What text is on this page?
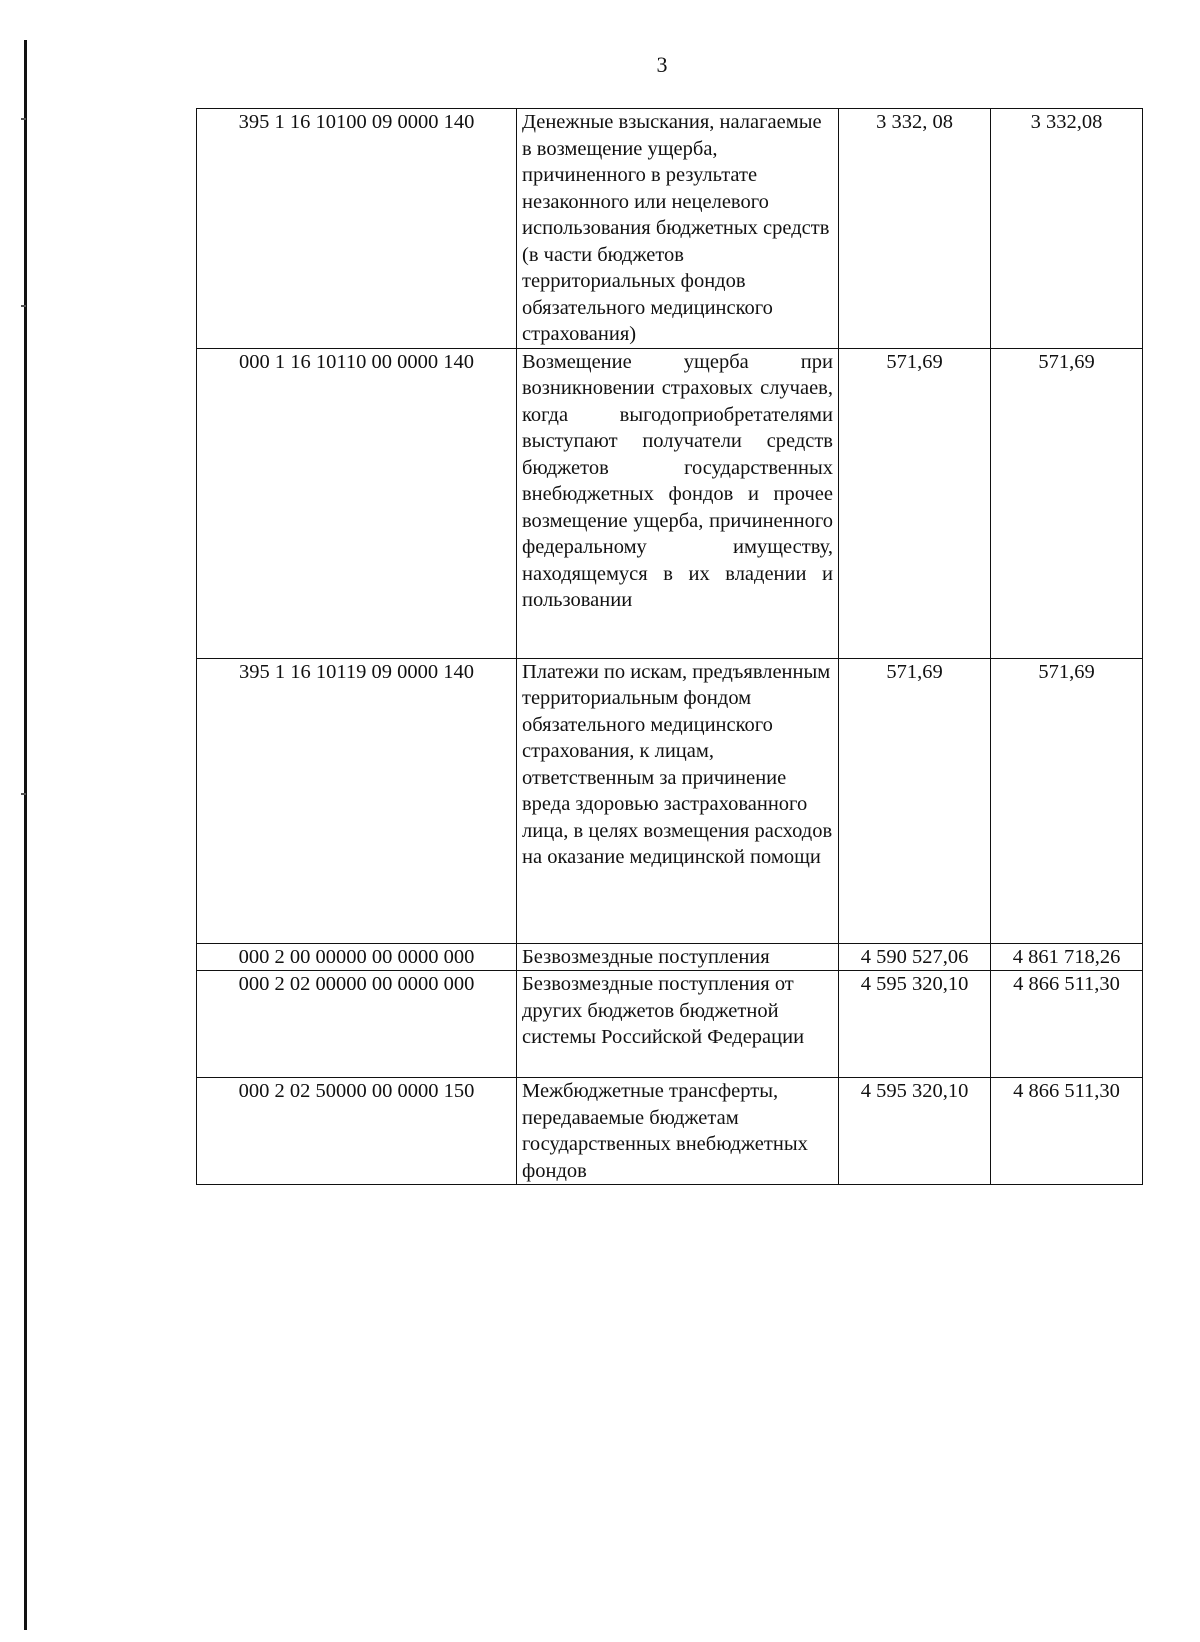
3
395 1 16 10100 09 0000 140	Денежные взыскания, налагаемые в возмещение ущерба, причиненного в результате незаконного или нецелевого использования бюджетных средств (в части бюджетов территориальных фондов обязательного медицинского страхования)	3 332, 08	3 332,08
000 1 16 10110 00 0000 140	Возмещение ущерба при возникновении страховых случаев, когда выгодоприобретателями выступают получатели средств бюджетов государственных внебюджетных фондов и прочее возмещение ущерба, причиненного федеральному имуществу, находящемуся в их владении и пользовании	571,69	571,69
395 1 16 10119 09 0000 140	Платежи по искам, предъявленным территориальным фондом обязательного медицинского страхования, к лицам, ответственным за причинение вреда здоровью застрахованного лица, в целях возмещения расходов на оказание медицинской помощи	571,69	571,69
000 2 00 00000 00 0000 000	Безвозмездные поступления	4 590 527,06	4 861 718,26
000 2 02 00000 00 0000 000	Безвозмездные поступления от других бюджетов бюджетной системы Российской Федерации	4 595 320,10	4 866 511,30
000 2 02 50000 00 0000 150	Межбюджетные трансферты, передаваемые бюджетам государственных внебюджетных фондов	4 595 320,10	4 866 511,30
